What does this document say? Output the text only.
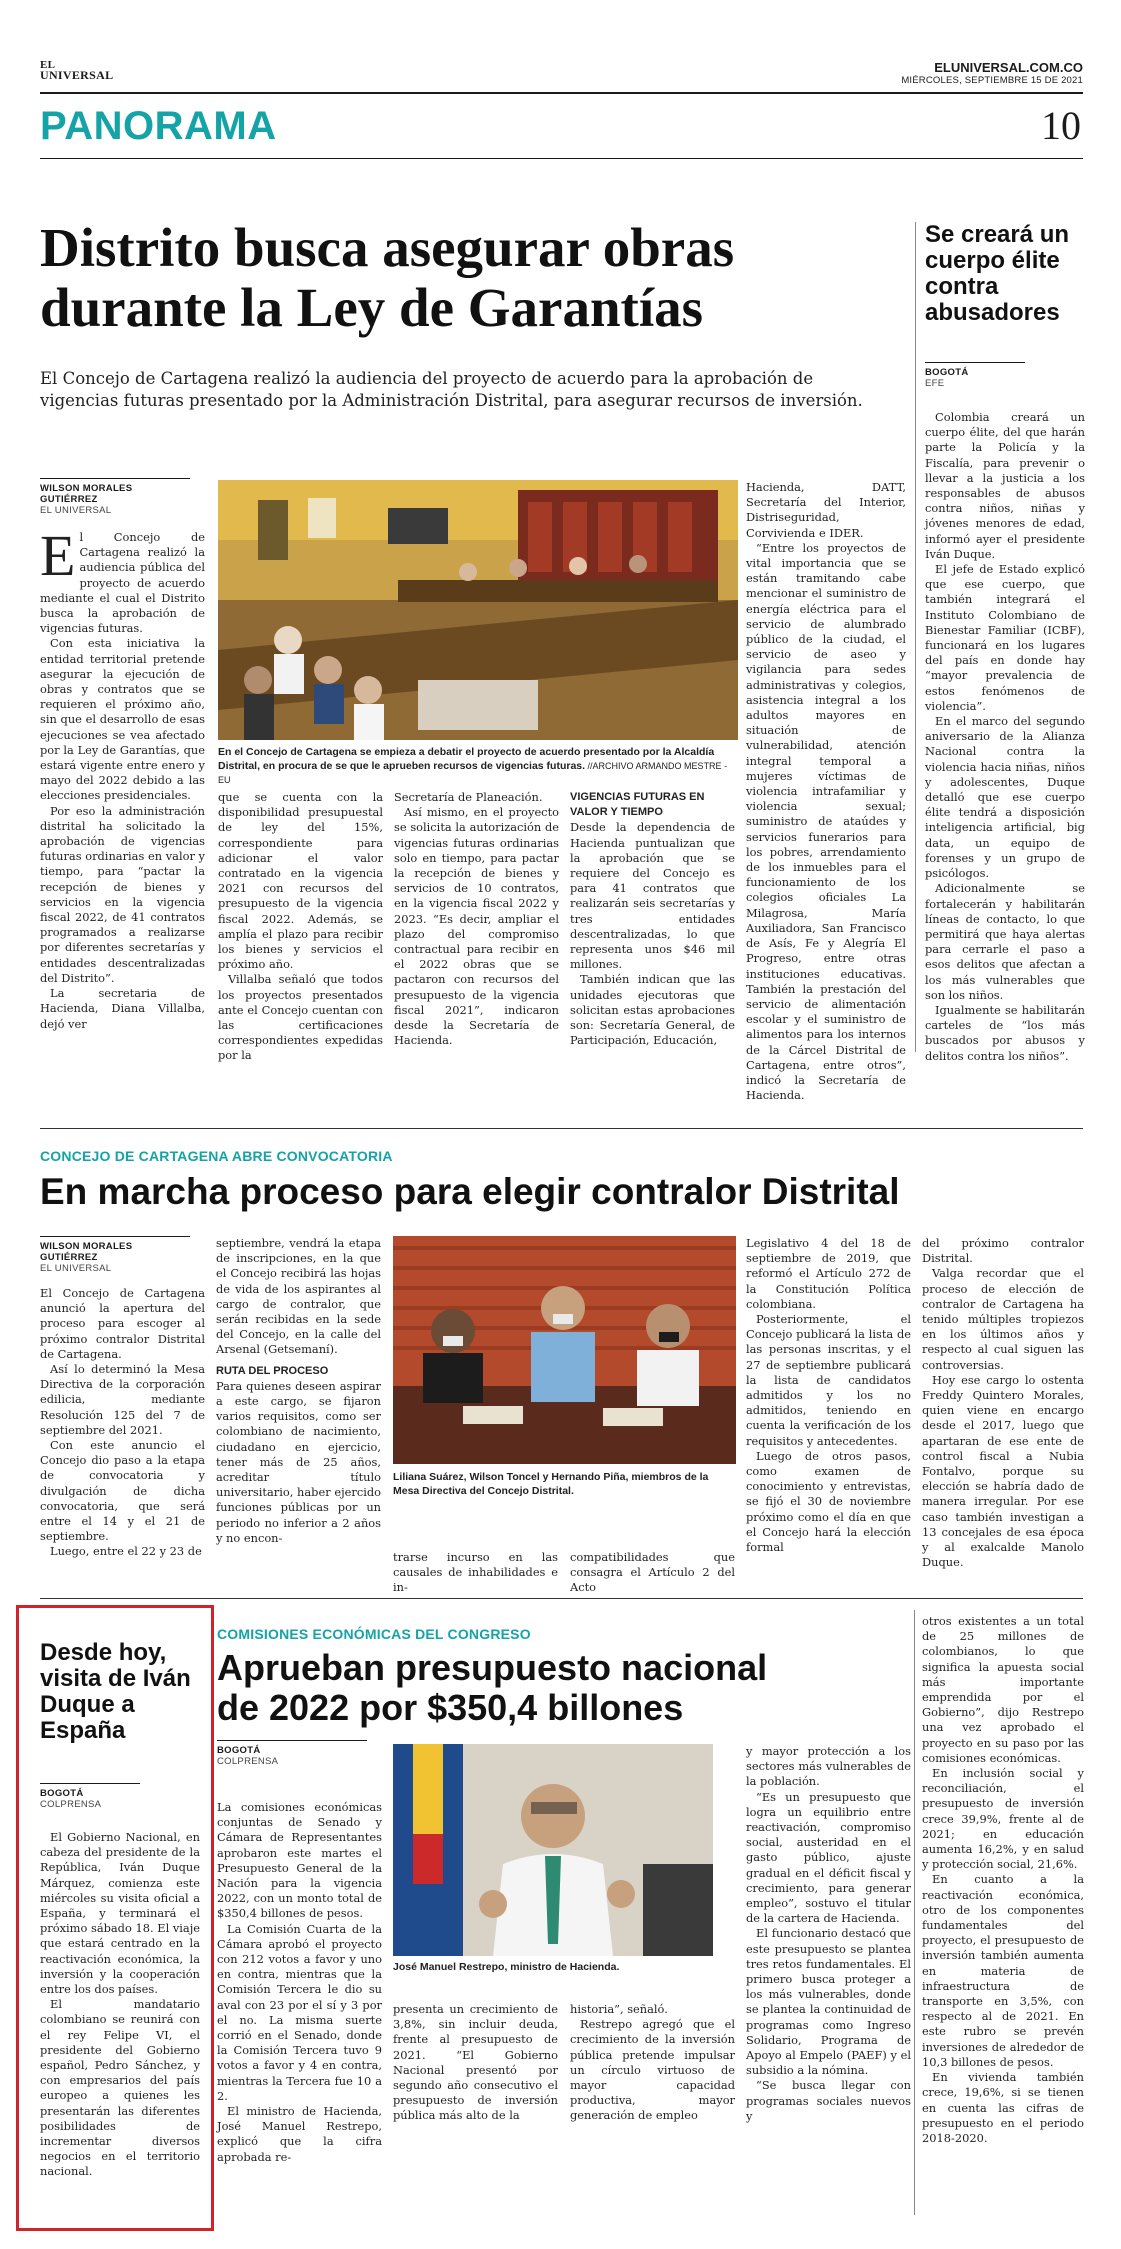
EL
UNIVERSAL	ELUNIVERSAL.COM.CO
MIÉRCOLES, SEPTIEMBRE 15 DE 2021
PANORAMA	10
Distrito busca asegurar obras
durante la Ley de Garantías
El Concejo de Cartagena realizó la audiencia del proyecto de acuerdo para la aprobación de vigencias futuras presentado por la Administración Distrital, para asegurar recursos de inversión.
WILSON MORALES GUTIÉRREZ
EL UNIVERSAL
En el Concejo de Cartagena se empieza a debatir el proyecto de acuerdo presentado por la Alcaldía Distrital, en procura de se que le aprueben recursos de vigencias futuras. //ARCHIVO ARMANDO MESTRE - EU

El Concejo de Cartagena realizó la audiencia pública del proyecto de acuerdo mediante el cual el Distrito busca la aprobación de vigencias futuras.

Con esta iniciativa la entidad territorial pretende asegurar la ejecución de obras y contratos que se requieren el próximo año, sin que el desarrollo de esas ejecuciones se vea afectado por la Ley de Garantías, que estará vigente entre enero y mayo del 2022 debido a las elecciones presidenciales.

Por eso la administración distrital ha solicitado la aprobación de vigencias futuras ordinarias en valor y tiempo, para “pactar la recepción de bienes y servicios en la vigencia fiscal 2022, de 41 contratos programados a realizarse por diferentes secretarías y entidades descentralizadas del Distrito”.

La secretaria de Hacienda, Diana Villalba, dejó ver

que se cuenta con la disponibilidad presupuestal de ley del 15%, correspondiente para adicionar el valor contratado en la vigencia 2021 con recursos del presupuesto de la vigencia fiscal 2022. Además, se amplía el plazo para recibir los bienes y servicios el próximo año.

Villalba señaló que todos los proyectos presentados ante el Concejo cuentan con las certificaciones correspondientes expedidas por la

Secretaría de Planeación.

Así mismo, en el proyecto se solicita la autorización de vigencias futuras ordinarias solo en tiempo, para pactar la recepción de bienes y servicios de 10 contratos, en la vigencia fiscal 2022 y 2023. “Es decir, ampliar el plazo del compromiso contractual para recibir en el 2022 obras que se pactaron con recursos del presupuesto de la vigencia fiscal 2021”, indicaron desde la Secretaría de Hacienda.

VIGENCIAS FUTURAS EN VALOR Y TIEMPO

Desde la dependencia de Hacienda puntualizan que la aprobación que se requiere del Concejo es para 41 contratos que realizarán seis secretarías y tres entidades descentralizadas, lo que representa unos $46 mil millones.

También indican que las unidades ejecutoras que solicitan estas aprobaciones son: Secretaría General, de Participación, Educación,

Hacienda, DATT, Secretaría del Interior, Distriseguridad, Corvivienda e IDER.

“Entre los proyectos de vital importancia que se están tramitando cabe mencionar el suministro de energía eléctrica para el servicio de alumbrado público de la ciudad, el servicio de aseo y vigilancia para sedes administrativas y colegios, asistencia integral a los adultos mayores en situación de vulnerabilidad, atención integral temporal a mujeres víctimas de violencia intrafamiliar y violencia sexual; suministro de ataúdes y servicios funerarios para los pobres, arrendamiento de los inmuebles para el funcionamiento de los colegios oficiales La Milagrosa, María Auxiliadora, San Francisco de Asís, Fe y Alegría El Progreso, entre otras instituciones educativas. También la prestación del servicio de alimentación escolar y el suministro de alimentos para los internos de la Cárcel Distrital de Cartagena, entre otros”, indicó la Secretaría de Hacienda.

Se creará un cuerpo élite contra abusadores
BOGOTÁ
EFE

Colombia creará un cuerpo élite, del que harán parte la Policía y la Fiscalía, para prevenir o llevar a la justicia a los responsables de abusos contra niños, niñas y jóvenes menores de edad, informó ayer el presidente Iván Duque.

El jefe de Estado explicó que ese cuerpo, que también integrará el Instituto Colombiano de Bienestar Familiar (ICBF), funcionará en los lugares del país en donde hay “mayor prevalencia de estos fenómenos de violencia”.

En el marco del segundo aniversario de la Alianza Nacional contra la violencia hacia niñas, niños y adolescentes, Duque detalló que ese cuerpo élite tendrá a disposición inteligencia artificial, big data, un equipo de forenses y un grupo de psicólogos.

Adicionalmente se fortalecerán y habilitarán líneas de contacto, lo que permitirá que haya alertas para cerrarle el paso a esos delitos que afectan a los más vulnerables que son los niños.

Igualmente se habilitarán carteles de “los más buscados por abusos y delitos contra los niños”.

CONCEJO DE CARTAGENA ABRE CONVOCATORIA
En marcha proceso para elegir contralor Distrital
WILSON MORALES GUTIÉRREZ
EL UNIVERSAL
Liliana Suárez, Wilson Toncel y Hernando Piña, miembros de la Mesa Directiva del Concejo Distrital.

El Concejo de Cartagena anunció la apertura del proceso para escoger al próximo contralor Distrital de Cartagena.

Así lo determinó la Mesa Directiva de la corporación edilicia, mediante Resolución 125 del 7 de septiembre del 2021.

Con este anuncio el Concejo dio paso a la etapa de convocatoria y divulgación de dicha convocatoria, que será entre el 14 y el 21 de septiembre.

Luego, entre el 22 y 23 de

septiembre, vendrá la etapa de inscripciones, en la que el Concejo recibirá las hojas de vida de los aspirantes al cargo de contralor, que serán recibidas en la sede del Concejo, en la calle del Arsenal (Getsemaní).

RUTA DEL PROCESO

Para quienes deseen aspirar a este cargo, se fijaron varios requisitos, como ser colombiano de nacimiento, ciudadano en ejercicio, tener más de 25 años, acreditar título universitario, haber ejercido funciones públicas por un periodo no inferior a 2 años y no encon-

trarse incurso en las causales de inhabilidades e in-

compatibilidades que consagra el Artículo 2 del Acto

Legislativo 4 del 18 de septiembre de 2019, que reformó el Artículo 272 de la Constitución Política colombiana.

Posteriormente, el Concejo publicará la lista de las personas inscritas, y el 27 de septiembre publicará la lista de candidatos admitidos y los no admitidos, teniendo en cuenta la verificación de los requisitos y antecedentes.

Luego de otros pasos, como examen de conocimiento y entrevistas, se fijó el 30 de noviembre próximo como el día en que el Concejo hará la elección formal

del próximo contralor Distrital.

Valga recordar que el proceso de elección de contralor de Cartagena ha tenido múltiples tropiezos en los últimos años y respecto al cual siguen las controversias.

Hoy ese cargo lo ostenta Freddy Quintero Morales, quien viene en encargo desde el 2017, luego que apartaran de ese ente de control fiscal a Nubia Fontalvo, porque su elección se habría dado de manera irregular. Por ese caso también investigan a 13 concejales de esa época y al exalcalde Manolo Duque.

Desde hoy, visita de Iván Duque a España
BOGOTÁ
COLPRENSA

El Gobierno Nacional, en cabeza del presidente de la República, Iván Duque Márquez, comienza este miércoles su visita oficial a España, y terminará el próximo sábado 18. El viaje que estará centrado en la reactivación económica, la inversión y la cooperación entre los dos países.

El mandatario colombiano se reunirá con el rey Felipe VI, el presidente del Gobierno español, Pedro Sánchez, y con empresarios del país europeo a quienes les presentarán las diferentes posibilidades de incrementar diversos negocios en el territorio nacional.

COMISIONES ECONÓMICAS DEL CONGRESO
Aprueban presupuesto nacional
de 2022 por $350,4 billones
BOGOTÁ
COLPRENSA
José Manuel Restrepo, ministro de Hacienda.

La comisiones económicas conjuntas de Senado y Cámara de Representantes aprobaron este martes el Presupuesto General de la Nación para la vigencia 2022, con un monto total de $350,4 billones de pesos.

La Comisión Cuarta de la Cámara aprobó el proyecto con 212 votos a favor y uno en contra, mientras que la Comisión Tercera le dio su aval con 23 por el sí y 3 por el no. La misma suerte corrió en el Senado, donde la Comisión Tercera tuvo 9 votos a favor y 4 en contra, mientras la Tercera fue 10 a 2.

El ministro de Hacienda, José Manuel Restrepo, explicó que la cifra aprobada re-

presenta un crecimiento de 3,8%, sin incluir deuda, frente al presupuesto de 2021. “El Gobierno Nacional presentó por segundo año consecutivo el presupuesto de inversión pública más alto de la

historia”, señaló.

Restrepo agregó que el crecimiento de la inversión pública pretende impulsar un círculo virtuoso de mayor capacidad productiva, mayor generación de empleo

y mayor protección a los sectores más vulnerables de la población.

“Es un presupuesto que logra un equilibrio entre reactivación, compromiso social, austeridad en el gasto público, ajuste gradual en el déficit fiscal y crecimiento, para generar empleo”, sostuvo el titular de la cartera de Hacienda.

El funcionario destacó que este presupuesto se plantea tres retos fundamentales. El primero busca proteger a los más vulnerables, donde se plantea la continuidad de programas como Ingreso Solidario, Programa de Apoyo al Empelo (PAEF) y el subsidio a la nómina.

“Se busca llegar con programas sociales nuevos y

otros existentes a un total de 25 millones de colombianos, lo que significa la apuesta social más importante emprendida por el Gobierno”, dijo Restrepo una vez aprobado el proyecto en su paso por las comisiones económicas.

En inclusión social y reconciliación, el presupuesto de inversión crece 39,9%, frente al de 2021; en educación aumenta 16,2%, y en salud y protección social, 21,6%.

En cuanto a la reactivación económica, otro de los componentes fundamentales del proyecto, el presupuesto de inversión también aumenta en materia de infraestructura de transporte en 3,5%, con respecto al de 2021. En este rubro se prevén inversiones de alrededor de 10,3 billones de pesos.

En vivienda también crece, 19,6%, si se tienen en cuenta las cifras de presupuesto en el periodo 2018-2020.
